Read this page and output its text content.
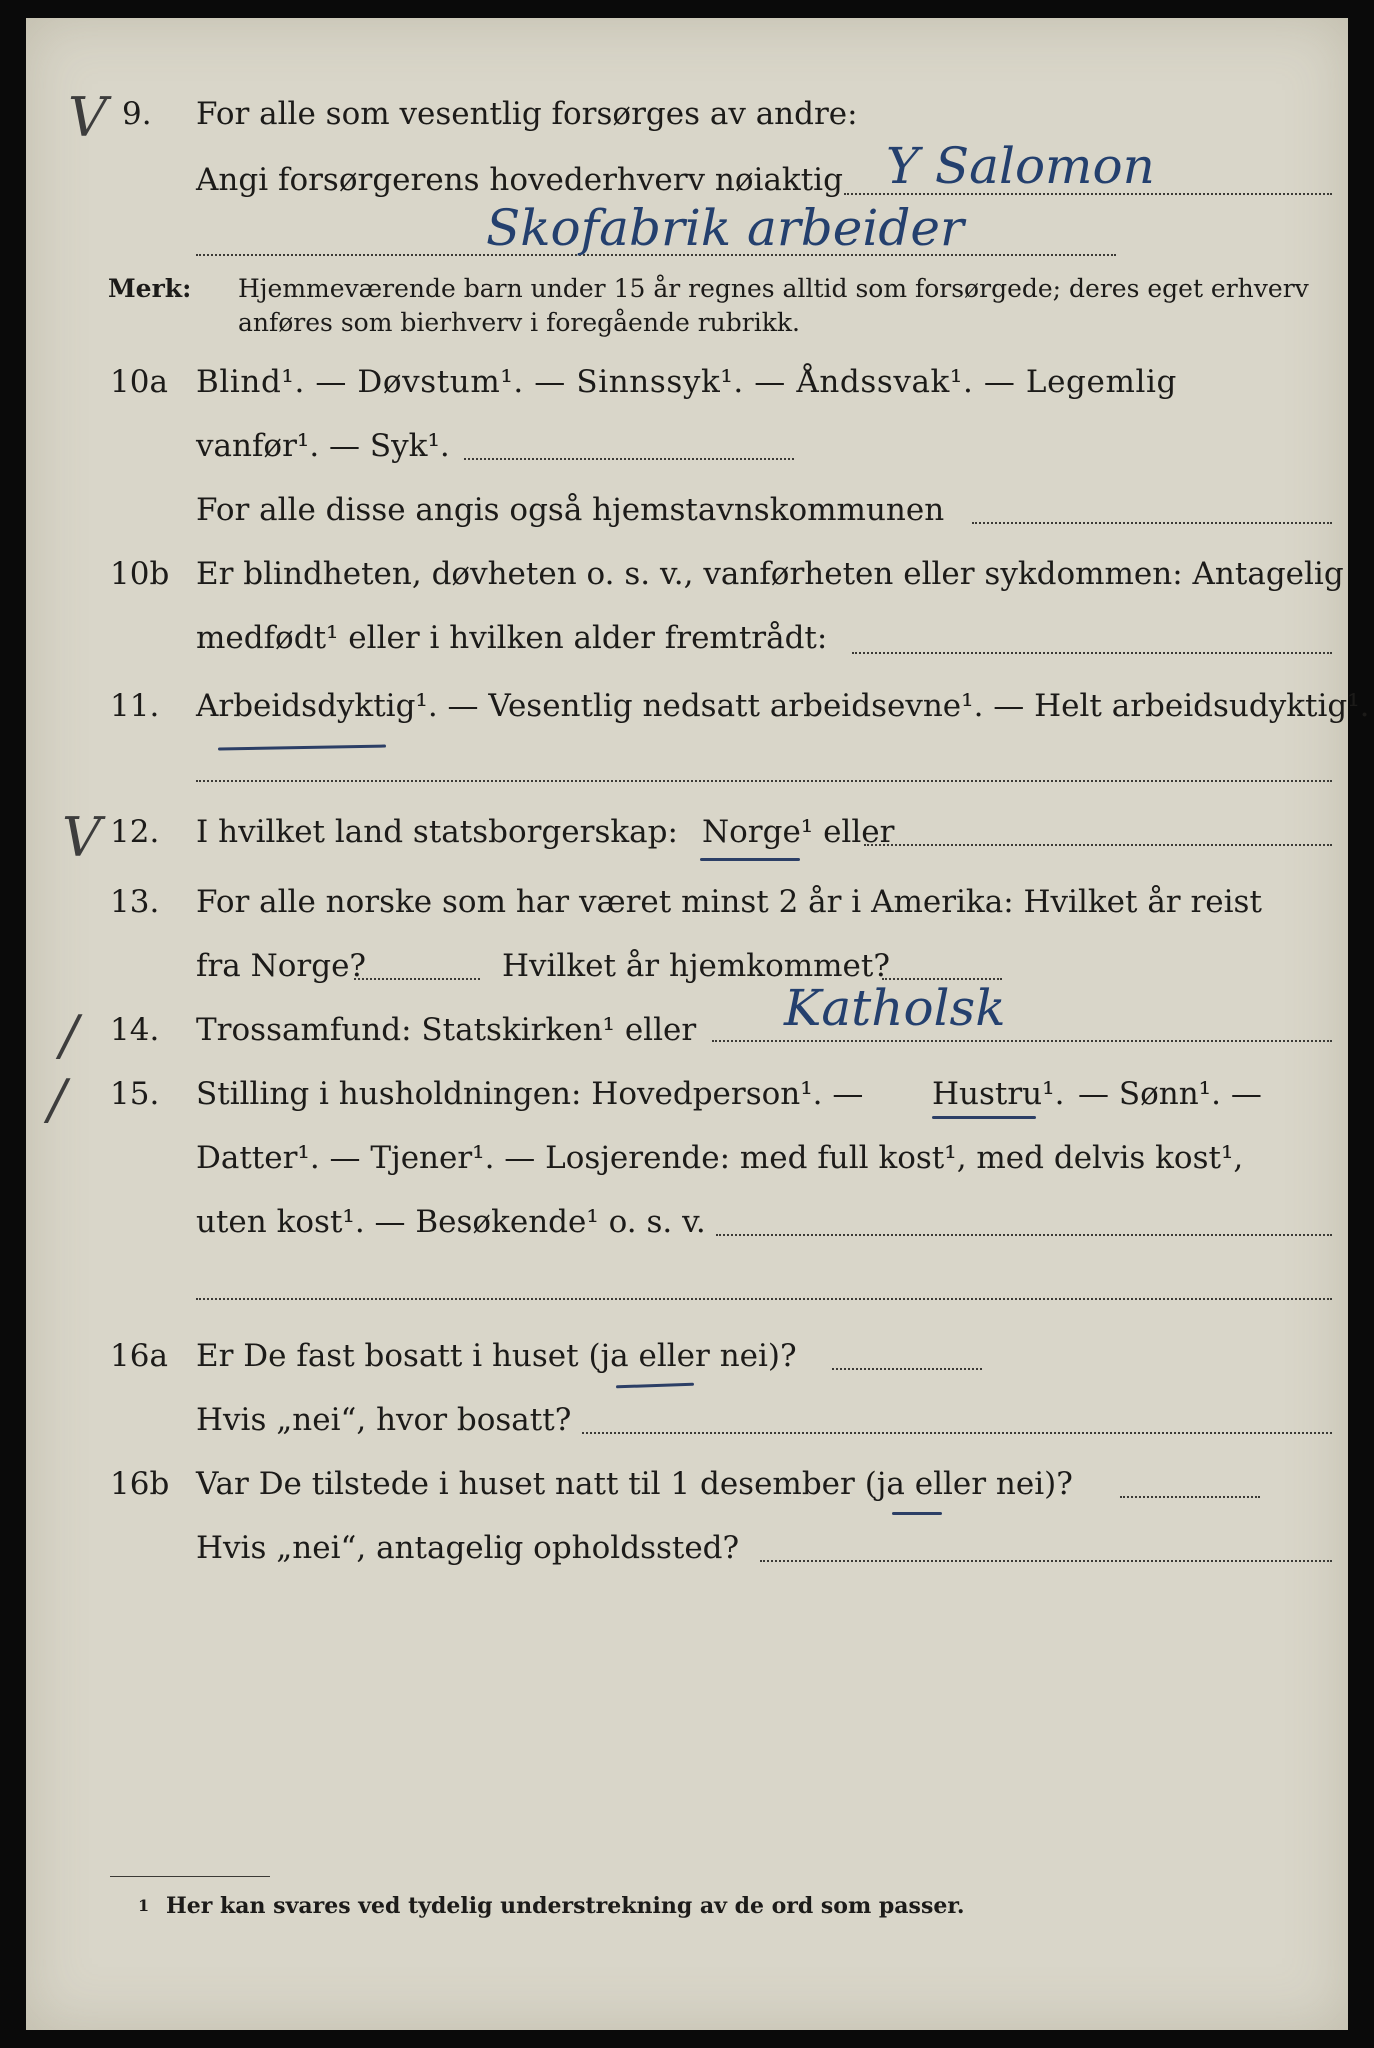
V 9. For alle som vesentlig forsørges av andre:
Angi forsørgerens hovederhverv nøiaktig Y Salomon
Skofabrik arbeider
Merk: Hjemmeværende barn under 15 år regnes alltid som forsørgede; deres eget erhverv
anføres som bierhverv i foregående rubrikk.
10a Blind¹. — Døvstum¹. — Sinnssyk¹. — Åndssvak¹. — Legemlig
vanfør¹. — Syk¹.
For alle disse angis også hjemstavnskommunen
10b Er blindheten, døvheten o. s. v., vanførheten eller sykdommen: Antagelig
medfødt¹ eller i hvilken alder fremtrådt:
11. Arbeidsdyktig¹. — Vesentlig nedsatt arbeidsevne¹. — Helt arbeidsudyktig¹.
V 12. I hvilket land statsborgerskap: Norge¹ eller
13. For alle norske som har været minst 2 år i Amerika: Hvilket år reist
fra Norge?	Hvilket år hjemkommet?
/ 14. Trossamfund: Statskirken¹ eller Katholsk
/ 15. Stilling i husholdningen: Hovedperson¹. — Hustru¹. — Sønn¹. —
Datter¹. — Tjener¹. — Losjerende: med full kost¹, med delvis kost¹,
uten kost¹. — Besøkende¹ o. s. v.
16a Er De fast bosatt i huset (ja eller nei)?
Hvis „nei“, hvor bosatt?
16b Var De tilstede i huset natt til 1 desember (ja eller nei)?
Hvis „nei“, antagelig opholdssted?
1 Her kan svares ved tydelig understrekning av de ord som passer.
